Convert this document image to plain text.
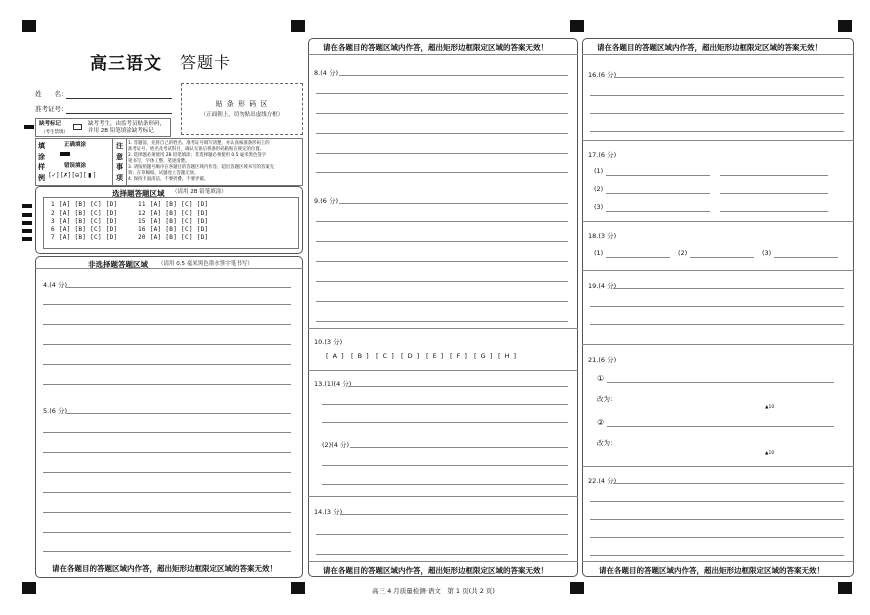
高三语文 答题卡
姓　　名：
准考证号：
贴 条 形 码 区
（正面朝上，切勿贴出虚线方框）
缺考标记
（考生禁填）
缺考考生，由监考员贴条形码，
并用 2B 铅笔填涂缺考标记
填
涂
样
例
正确填涂
错误填涂
[✓] [✗] [⊖] [ ▮ ]
注
意
事
项
1. 答题前，先将自己的姓名、准考证号填写清楚，并认真核准条形码上的
准考证号、姓名及考试科目，确认无误后将条形码粘贴在规定的位置。
2. 选择题必须使用 2B 铅笔填涂；非选择题必须使用 0.5 毫米黑色签字
笔书写，字体工整、笔迹清楚。
3. 请按照题号顺序在各题目的答题区域内作答，超出答题区域书写的答案无
效；在草稿纸、试题卷上答题无效。
4. 保持卡面清洁，不要折叠、不要弄破。
选择题答题区域 （请用 2B 铅笔填涂）
1 [A] [B] [C] [D]
2 [A] [B] [C] [D]
3 [A] [B] [C] [D]
6 [A] [B] [C] [D]
7 [A] [B] [C] [D]
11 [A] [B] [C] [D]
12 [A] [B] [C] [D]
15 [A] [B] [C] [D]
16 [A] [B] [C] [D]
20 [A] [B] [C] [D]
非选择题答题区域 （请用 0.5 毫米黑色墨水签字笔书写）
4.(4 分)
5.(6 分)
请在各题目的答题区域内作答，超出矩形边框限定区域的答案无效！
请在各题目的答题区域内作答，超出矩形边框限定区域的答案无效！
8.(4 分)
9.(6 分)
10.(3 分)
[ A ] [ B ] [ C ] [ D ] [ E ] [ F ] [ G ] [ H ]
13.(1)(4 分)
(2)(4 分)
14.(3 分)
请在各题目的答题区域内作答，超出矩形边框限定区域的答案无效！
请在各题目的答题区域内作答，超出矩形边框限定区域的答案无效！
16.(6 分)
17.(6 分)
(1)
(2)
(3)
18.(3 分)
(1)	(2)	(3)
19.(4 分)
21.(6 分)
①
改为：
▲10
②
改为：
▲10
22.(4 分)
请在各题目的答题区域内作答，超出矩形边框限定区域的答案无效！
高三 4 月质量检测·语文　第 1 页(共 2 页)
